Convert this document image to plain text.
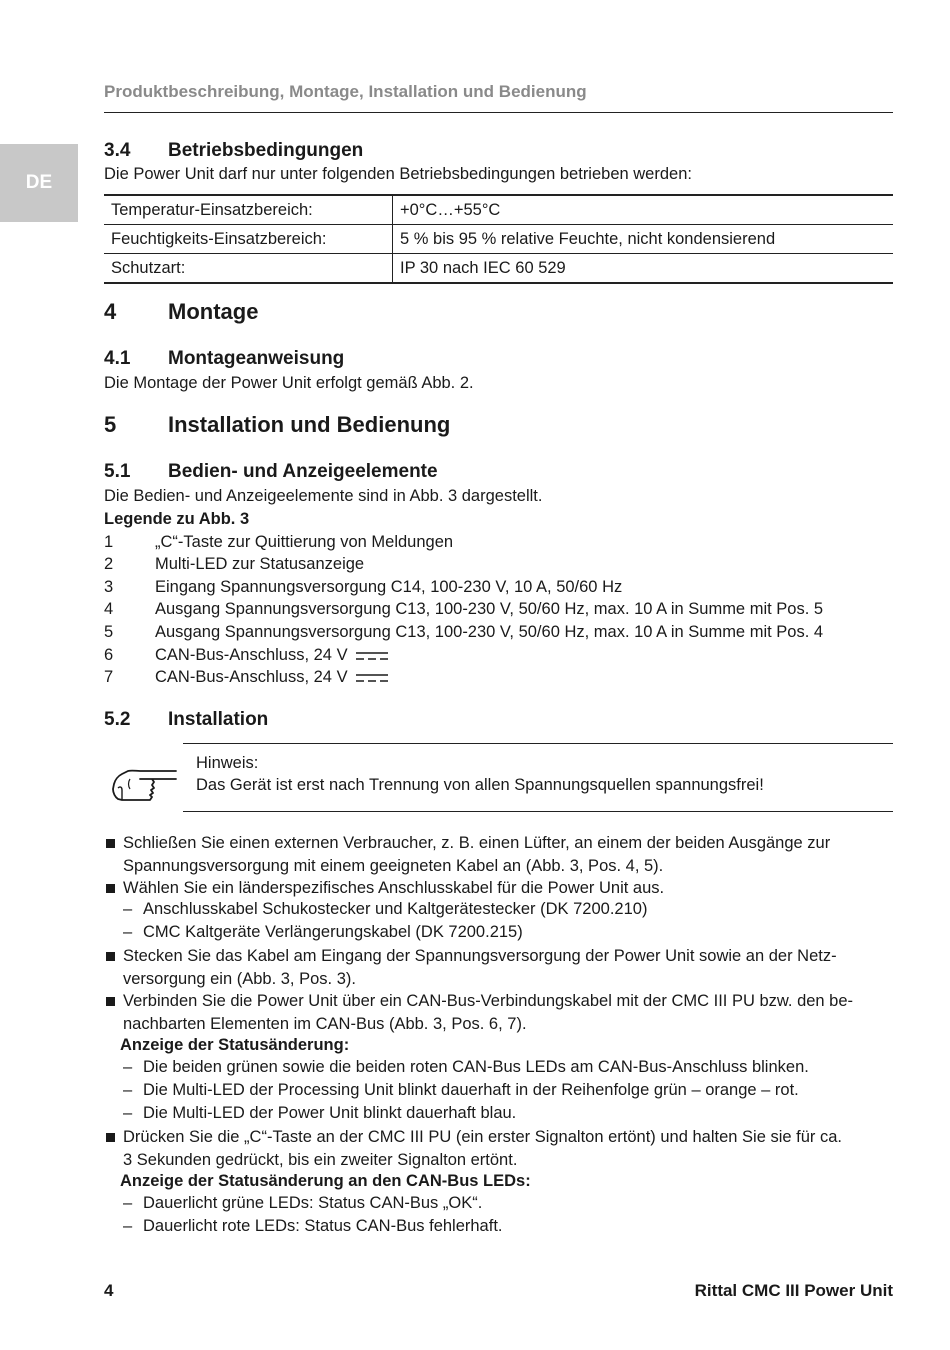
Produktbeschreibung, Montage, Installation und Bedienung
DE
3.4 Betriebsbedingungen
Die Power Unit darf nur unter folgenden Betriebsbedingungen betrieben werden:
Temperatur-Einsatzbereich:	+0°C…+55°C
Feuchtigkeits-Einsatzbereich:	5 % bis 95 % relative Feuchte, nicht kondensierend
Schutzart:	IP 30 nach IEC 60 529
4 Montage
4.1 Montageanweisung
Die Montage der Power Unit erfolgt gemäß Abb. 2.
5 Installation und Bedienung
5.1 Bedien- und Anzeigeelemente
Die Bedien- und Anzeigeelemente sind in Abb. 3 dargestellt.
Legende zu Abb. 3
1	„C“-Taste zur Quittierung von Meldungen
2	Multi-LED zur Statusanzeige
3	Eingang Spannungsversorgung C14, 100-230 V, 10 A, 50/60 Hz
4	Ausgang Spannungsversorgung C13, 100-230 V, 50/60 Hz, max. 10 A in Summe mit Pos. 5
5	Ausgang Spannungsversorgung C13, 100-230 V, 50/60 Hz, max. 10 A in Summe mit Pos. 4
6	CAN-Bus-Anschluss, 24 V
7	CAN-Bus-Anschluss, 24 V
5.2 Installation
Hinweis:
Das Gerät ist erst nach Trennung von allen Spannungsquellen spannungsfrei!
Schließen Sie einen externen Verbraucher, z. B. einen Lüfter, an einem der beiden Ausgänge zur
Spannungsversorgung mit einem geeigneten Kabel an (Abb. 3, Pos. 4, 5).
Wählen Sie ein länderspezifisches Anschlusskabel für die Power Unit aus.
– Anschlusskabel Schukostecker und Kaltgerätestecker (DK 7200.210)
– CMC Kaltgeräte Verlängerungskabel (DK 7200.215)
Stecken Sie das Kabel am Eingang der Spannungsversorgung der Power Unit sowie an der Netz-
versorgung ein (Abb. 3, Pos. 3).
Verbinden Sie die Power Unit über ein CAN-Bus-Verbindungskabel mit der CMC III PU bzw. den be-
nachbarten Elementen im CAN-Bus (Abb. 3, Pos. 6, 7).
Anzeige der Statusänderung:
– Die beiden grünen sowie die beiden roten CAN-Bus LEDs am CAN-Bus-Anschluss blinken.
– Die Multi-LED der Processing Unit blinkt dauerhaft in der Reihenfolge grün – orange – rot.
– Die Multi-LED der Power Unit blinkt dauerhaft blau.
Drücken Sie die „C“-Taste an der CMC III PU (ein erster Signalton ertönt) und halten Sie sie für ca.
3 Sekunden gedrückt, bis ein zweiter Signalton ertönt.
Anzeige der Statusänderung an den CAN-Bus LEDs:
– Dauerlicht grüne LEDs: Status CAN-Bus „OK“.
– Dauerlicht rote LEDs: Status CAN-Bus fehlerhaft.
4	Rittal CMC III Power Unit
